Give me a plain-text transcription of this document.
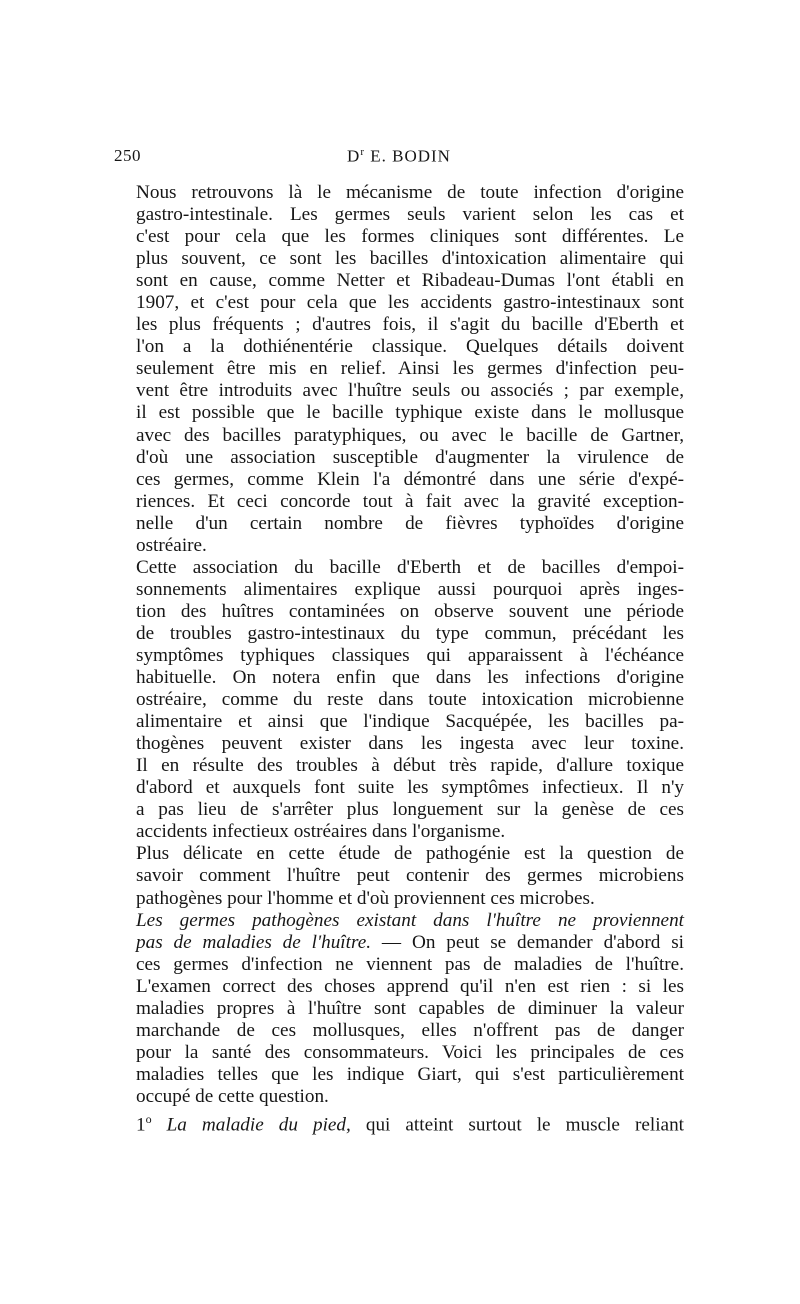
250	$D^r$ E. BODIN

Nous retrouvons là le mécanisme de toute infection d'origine
gastro-intestinale. Les germes seuls varient selon les cas et
c'est pour cela que les formes cliniques sont différentes. Le
plus souvent, ce sont les bacilles d'intoxication alimentaire qui
sont en cause, comme Netter et Ribadeau-Dumas l'ont établi en
1907, et c'est pour cela que les accidents gastro-intestinaux sont
les plus fréquents ; d'autres fois, il s'agit du bacille d'Eberth et
l'on a la dothiénentérie classique. Quelques détails doivent
seulement être mis en relief. Ainsi les germes d'infection peu-
vent être introduits avec l'huître seuls ou associés ; par exemple,
il est possible que le bacille typhique existe dans le mollusque
avec des bacilles paratyphiques, ou avec le bacille de Gartner,
d'où une association susceptible d'augmenter la virulence de
ces germes, comme Klein l'a démontré dans une série d'expé-
riences. Et ceci concorde tout à fait avec la gravité exception-
nelle d'un certain nombre de fièvres typhoïdes d'origine
ostréaire.

Cette association du bacille d'Eberth et de bacilles d'empoi-
sonnements alimentaires explique aussi pourquoi après inges-
tion des huîtres contaminées on observe souvent une période
de troubles gastro-intestinaux du type commun, précédant les
symptômes typhiques classiques qui apparaissent à l'échéance
habituelle. On notera enfin que dans les infections d'origine
ostréaire, comme du reste dans toute intoxication microbienne
alimentaire et ainsi que l'indique Sacquépée, les bacilles pa-
thogènes peuvent exister dans les ingesta avec leur toxine.
Il en résulte des troubles à début très rapide, d'allure toxique
d'abord et auxquels font suite les symptômes infectieux. Il n'y
a pas lieu de s'arrêter plus longuement sur la genèse de ces
accidents infectieux ostréaires dans l'organisme.

Plus délicate en cette étude de pathogénie est la question de
savoir comment l'huître peut contenir des germes microbiens
pathogènes pour l'homme et d'où proviennent ces microbes.

Les germes pathogènes existant dans l'huître ne proviennent
pas de maladies de l'huître. — On peut se demander d'abord si
ces germes d'infection ne viennent pas de maladies de l'huître.
L'examen correct des choses apprend qu'il n'en est rien : si les
maladies propres à l'huître sont capables de diminuer la valeur
marchande de ces mollusques, elles n'offrent pas de danger
pour la santé des consommateurs. Voici les principales de ces
maladies telles que les indique Giart, qui s'est particulièrement
occupé de cette question.

1$^o$ La maladie du pied, qui atteint surtout le muscle reliant
